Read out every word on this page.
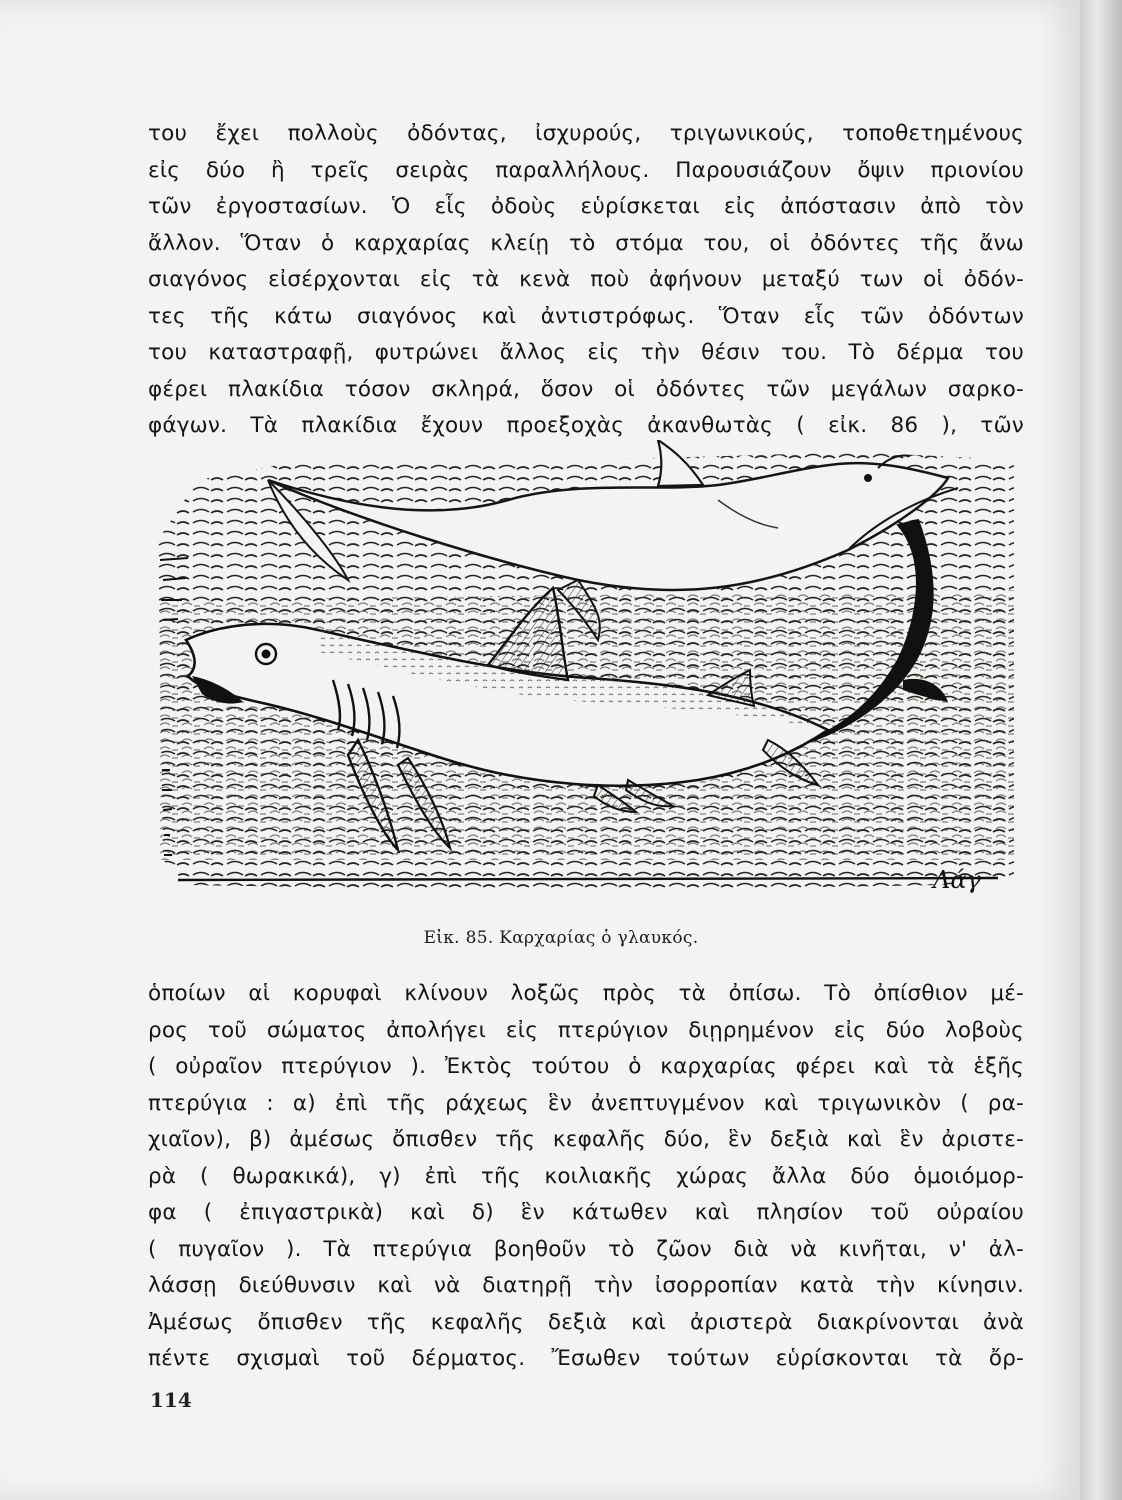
του ἔχει πολλοὺς ὀδόντας, ἰσχυρούς, τριγωνικούς, τοποθετημένους
εἰς δύο ἢ τρεῖς σειρὰς παραλλήλους. Παρουσιάζουν ὄψιν πριονίου
τῶν ἐργοστασίων. Ὁ εἷς ὀδοὺς εὑρίσκεται εἰς ἀπόστασιν ἀπὸ τὸν
ἄλλον. Ὅταν ὁ καρχαρίας κλείῃ τὸ στόμα του, οἱ ὀδόντες τῆς ἄνω
σιαγόνος εἰσέρχονται εἰς τὰ κενὰ ποὺ ἀφήνουν μεταξύ των οἱ ὀδόν-
τες τῆς κάτω σιαγόνος καὶ ἀντιστρόφως. Ὅταν εἷς τῶν ὀδόντων
του καταστραφῇ, φυτρώνει ἄλλος εἰς τὴν θέσιν του. Τὸ δέρμα του
φέρει πλακίδια τόσον σκληρά, ὅσον οἱ ὀδόντες τῶν μεγάλων σαρκο-
φάγων. Τὰ πλακίδια ἔχουν προεξοχὰς ἀκανθωτὰς ( εἰκ. 86 ), τῶν
Λάγ
Εἰκ. 85. Καρχαρίας ὁ γλαυκός.
ὁποίων αἱ κορυφαὶ κλίνουν λοξῶς πρὸς τὰ ὀπίσω. Τὸ ὀπίσθιον μέ-
ρος τοῦ σώματος ἀπολήγει εἰς πτερύγιον διῃρημένον εἰς δύο λοβοὺς
( οὐραῖον πτερύγιον ). Ἐκτὸς τούτου ὁ καρχαρίας φέρει καὶ τὰ ἑξῆς
πτερύγια : α) ἐπὶ τῆς ράχεως ἓν ἀνεπτυγμένον καὶ τριγωνικὸν ( ρα-
χιαῖον), β) ἀμέσως ὄπισθεν τῆς κεφαλῆς δύο, ἓν δεξιὰ καὶ ἓν ἀριστε-
ρὰ ( θωρακικά), γ) ἐπὶ τῆς κοιλιακῆς χώρας ἄλλα δύο ὁμοιόμορ-
φα ( ἐπιγαστρικὰ) καὶ δ) ἓν κάτωθεν καὶ πλησίον τοῦ οὐραίου
( πυγαῖον ). Τὰ πτερύγια βοηθοῦν τὸ ζῶον διὰ νὰ κινῆται, ν' ἀλ-
λάσσῃ διεύθυνσιν καὶ νὰ διατηρῇ τὴν ἰσορροπίαν κατὰ τὴν κίνησιν.
Ἀμέσως ὄπισθεν τῆς κεφαλῆς δεξιὰ καὶ ἀριστερὰ διακρίνονται ἀνὰ
πέντε σχισμαὶ τοῦ δέρματος. Ἔσωθεν τούτων εὑρίσκονται τὰ ὄρ-
114
